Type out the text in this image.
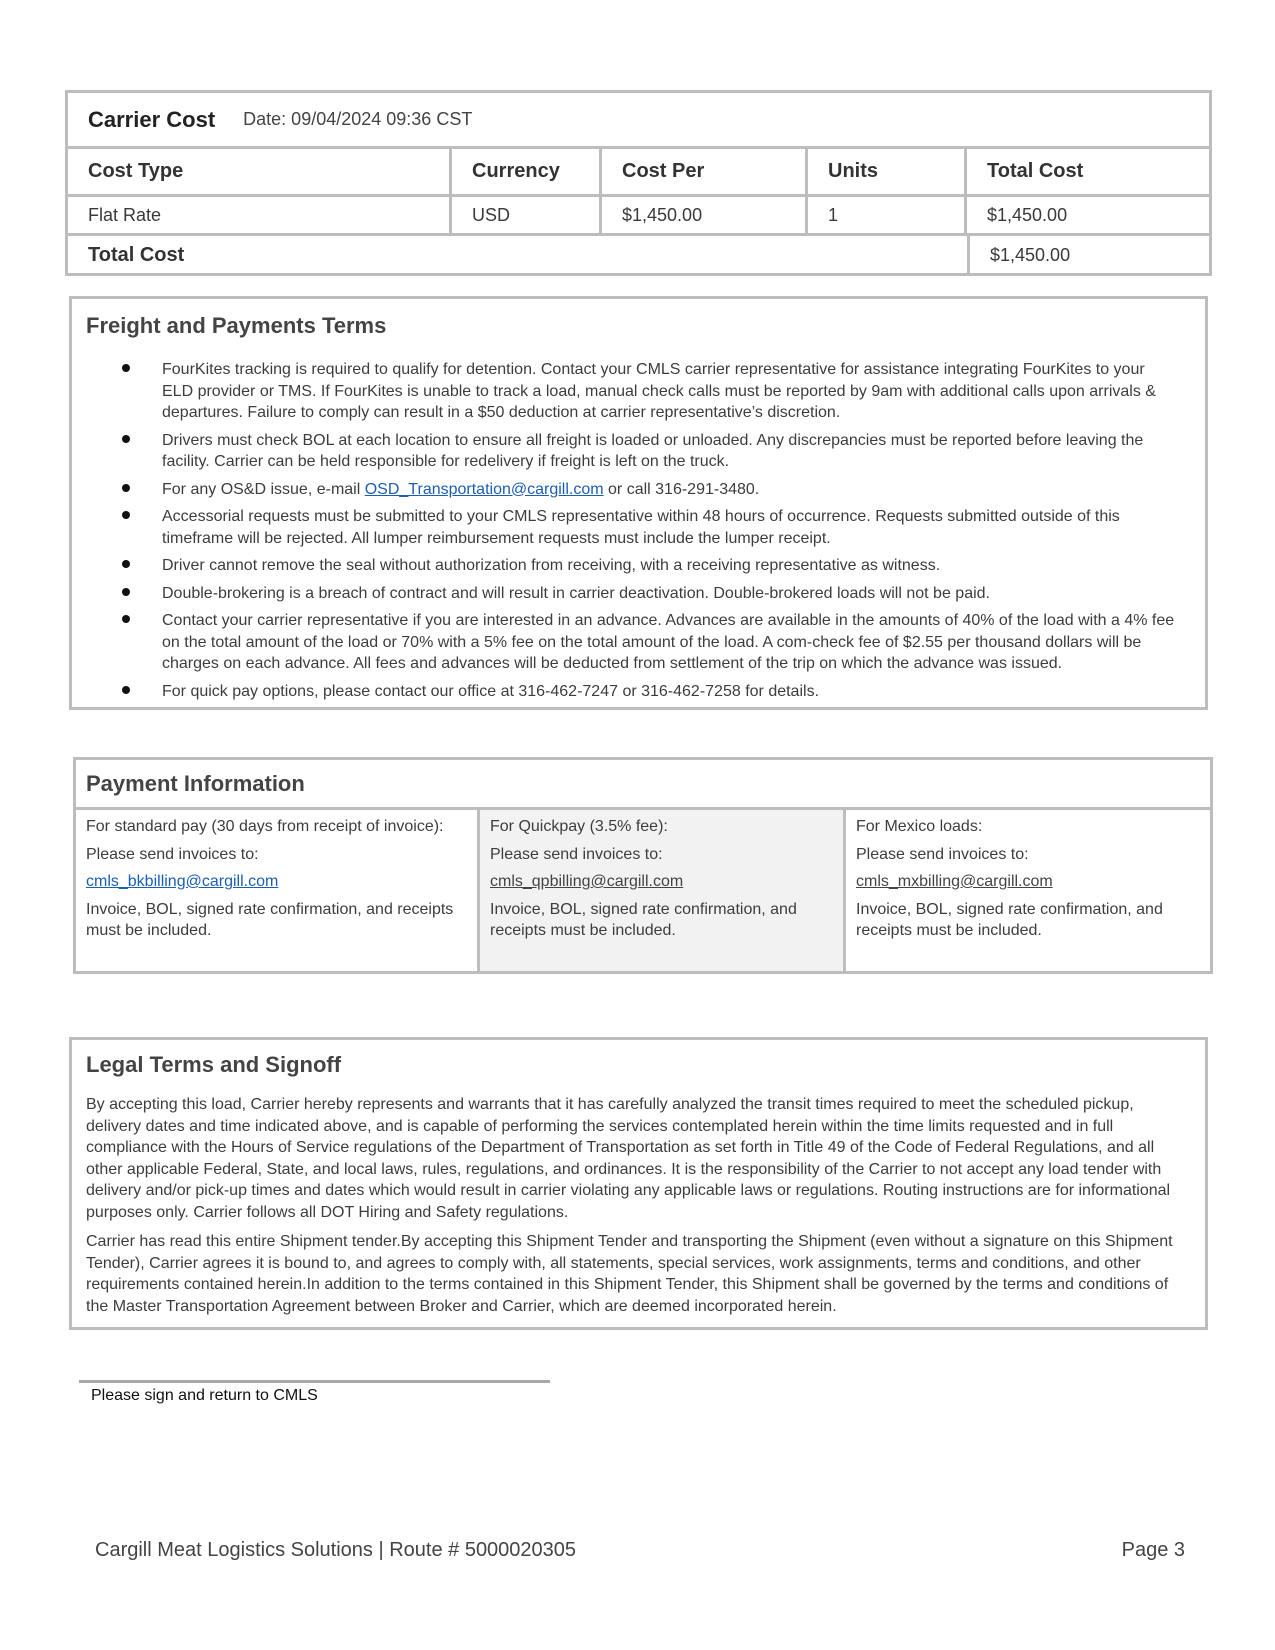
Carrier Cost Date: 09/04/2024 09:36 CST
Cost Type	Currency	Cost Per	Units	Total Cost
Flat Rate	USD	$1,450.00	1	$1,450.00
Total Cost	$1,450.00
Freight and Payments Terms
FourKites tracking is required to qualify for detention. Contact your CMLS carrier representative for assistance integrating FourKites to your ELD provider or TMS. If FourKites is unable to track a load, manual check calls must be reported by 9am with additional calls upon arrivals & departures. Failure to comply can result in a $50 deduction at carrier representative’s discretion.
Drivers must check BOL at each location to ensure all freight is loaded or unloaded. Any discrepancies must be reported before leaving the facility. Carrier can be held responsible for redelivery if freight is left on the truck.
For any OS&D issue, e-mail OSD_Transportation@cargill.com or call 316-291-3480.
Accessorial requests must be submitted to your CMLS representative within 48 hours of occurrence. Requests submitted outside of this timeframe will be rejected. All lumper reimbursement requests must include the lumper receipt.
Driver cannot remove the seal without authorization from receiving, with a receiving representative as witness.
Double-brokering is a breach of contract and will result in carrier deactivation. Double-brokered loads will not be paid.
Contact your carrier representative if you are interested in an advance. Advances are available in the amounts of 40% of the load with a 4% fee on the total amount of the load or 70% with a 5% fee on the total amount of the load. A com-check fee of $2.55 per thousand dollars will be charges on each advance. All fees and advances will be deducted from settlement of the trip on which the advance was issued.
For quick pay options, please contact our office at 316-462-7247 or 316-462-7258 for details.
Payment Information

For standard pay (30 days from receipt of invoice):

Please send invoices to:

cmls_bkbilling@cargill.com

Invoice, BOL, signed rate confirmation, and receipts must be included.

For Quickpay (3.5% fee):

Please send invoices to:

cmls_qpbilling@cargill.com

Invoice, BOL, signed rate confirmation, and receipts must be included.

For Mexico loads:

Please send invoices to:

cmls_mxbilling@cargill.com

Invoice, BOL, signed rate confirmation, and receipts must be included.

Legal Terms and Signoff

By accepting this load, Carrier hereby represents and warrants that it has carefully analyzed the transit times required to meet the scheduled pickup, delivery dates and time indicated above, and is capable of performing the services contemplated herein within the time limits requested and in full compliance with the Hours of Service regulations of the Department of Transportation as set forth in Title 49 of the Code of Federal Regulations, and all other applicable Federal, State, and local laws, rules, regulations, and ordinances. It is the responsibility of the Carrier to not accept any load tender with delivery and/or pick-up times and dates which would result in carrier violating any applicable laws or regulations. Routing instructions are for informational purposes only. Carrier follows all DOT Hiring and Safety regulations.

Carrier has read this entire Shipment tender.By accepting this Shipment Tender and transporting the Shipment (even without a signature on this Shipment Tender), Carrier agrees it is bound to, and agrees to comply with, all statements, special services, work assignments, terms and conditions, and other requirements contained herein.In addition to the terms contained in this Shipment Tender, this Shipment shall be governed by the terms and conditions of the Master Transportation Agreement between Broker and Carrier, which are deemed incorporated herein.

Please sign and return to CMLS
Cargill Meat Logistics Solutions | Route # 5000020305	Page 3
